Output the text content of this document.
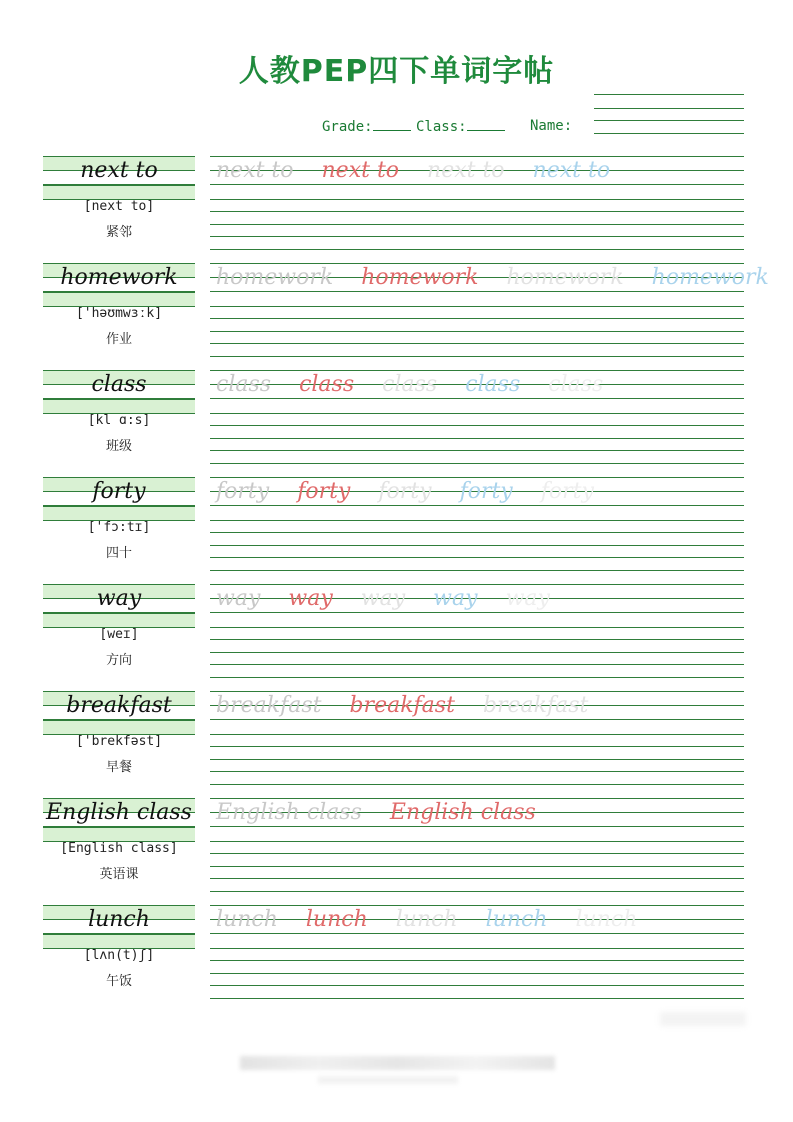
人教PEP四下单词字帖
Grade:	Class:	Name:
next to
[next to]
紧邻
next to next to next to next to
homework
['həʊmwɜːk]
作业
homework homework homework homework
class
[kl ɑ:s]
班级
class class class class class
forty
['fɔ:tɪ]
四十
forty forty forty forty forty
way
[weɪ]
方向
way way way way way
breakfast
['brekfəst]
早餐
breakfast breakfast breakfast
English class
[English class]
英语课
English class English class
lunch
[lʌn(t)ʃ]
午饭
lunch lunch lunch lunch lunch
